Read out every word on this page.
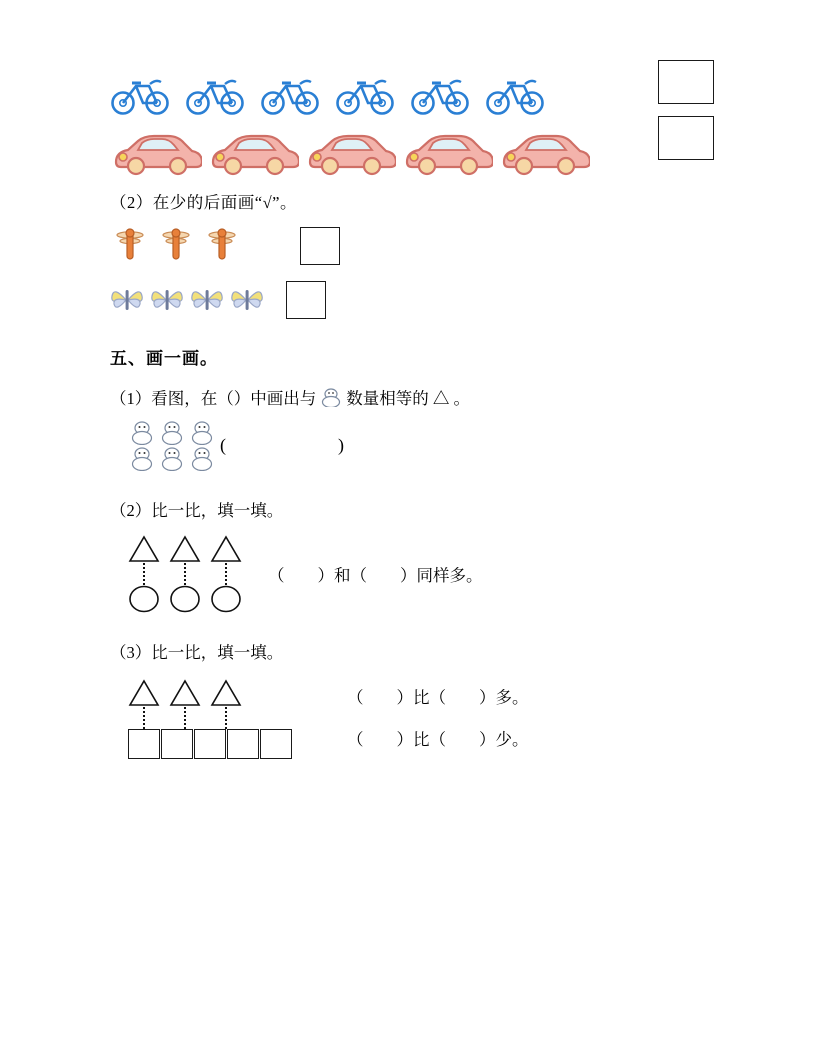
（2）在少的后面画“√”。
五、画一画。
（1）看图，在（）中画出与 数量相等的 △ 。
(	)
（2）比一比，填一填。
（　　）和（　　）同样多。
（3）比一比，填一填。
（　　）比（　　）多。
（　　）比（　　）少。
